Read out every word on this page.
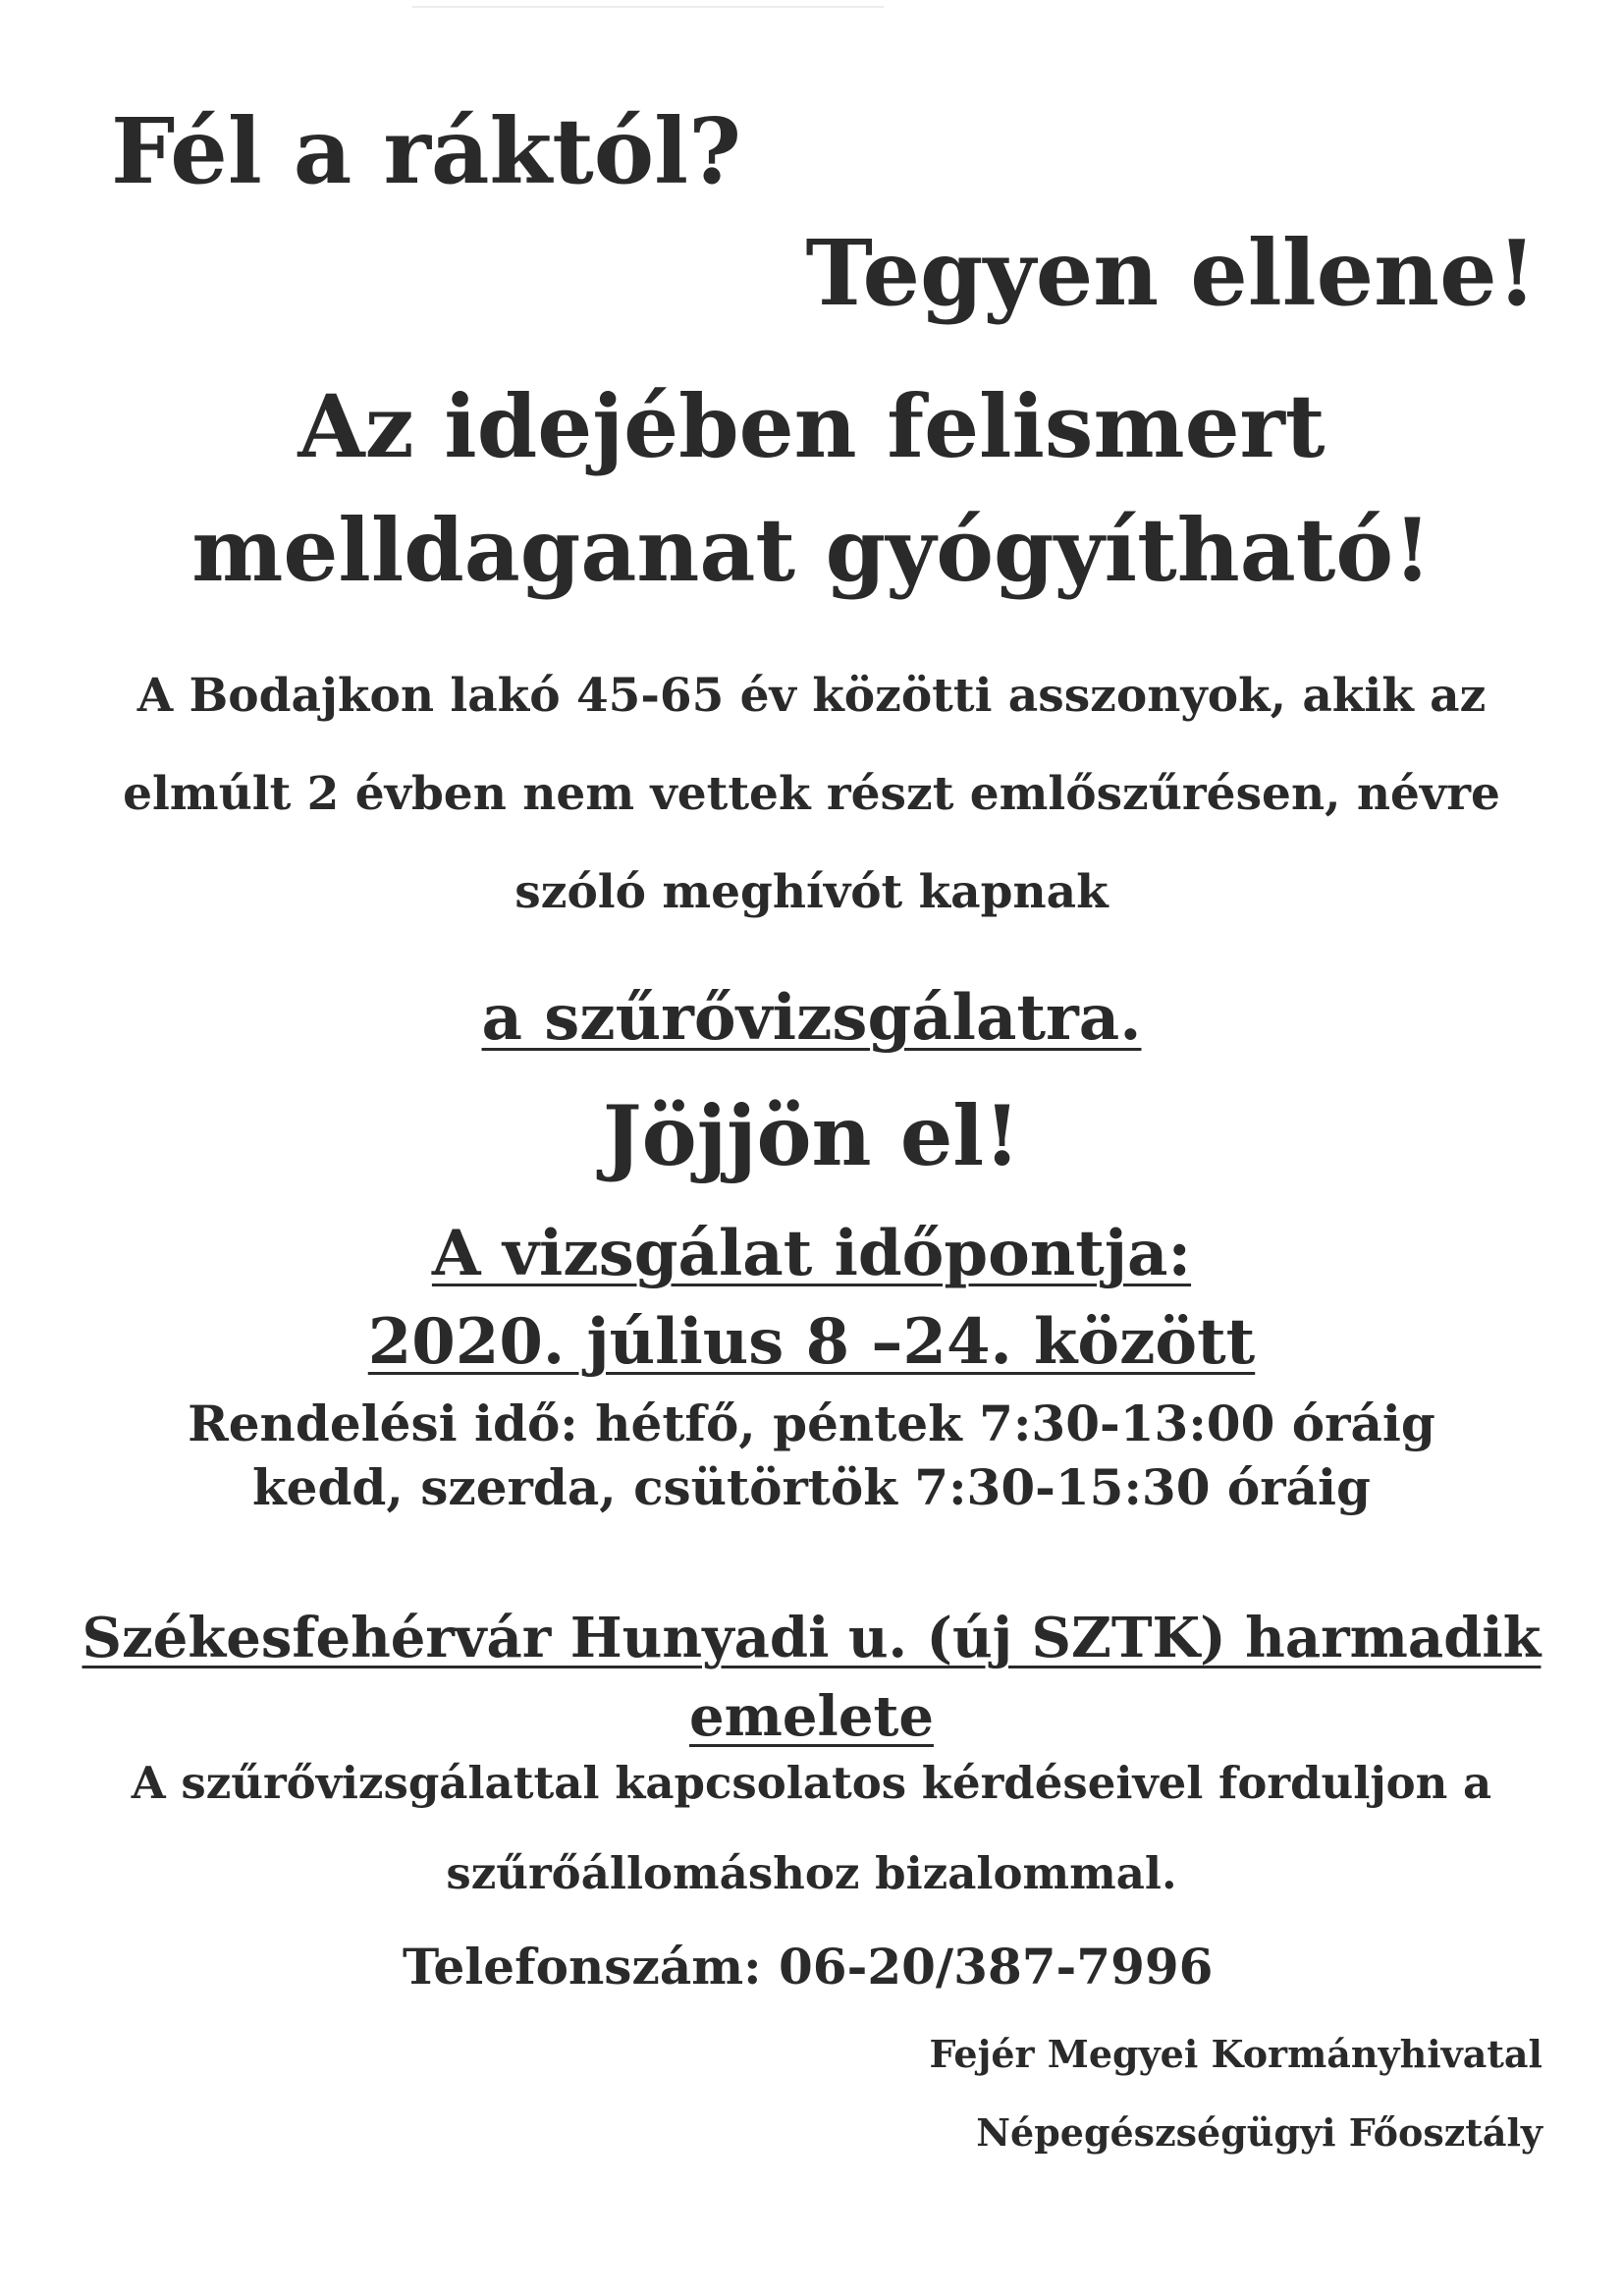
Fél a ráktól?
Tegyen ellene!
Az idejében felismert
melldaganat gyógyítható!

A Bodajkon lakó 45-65 év közötti asszonyok, akik az

elmúlt 2 évben nem vettek részt emlőszűrésen, névre

szóló meghívót kapnak

a szűrővizsgálatra.
Jöjjön el!
A vizsgálat időpontja:
2020. július 8 –24. között

Rendelési idő: hétfő, péntek 7:30-13:00 óráig

kedd, szerda, csütörtök 7:30-15:30 óráig

Székesfehérvár Hunyadi u. (új SZTK) harmadik
emelete

A szűrővizsgálattal kapcsolatos kérdéseivel forduljon a

szűrőállomáshoz bizalommal.

Telefonszám: 06-20/387-7996

Fejér Megyei Kormányhivatal

Népegészségügyi Főosztály
